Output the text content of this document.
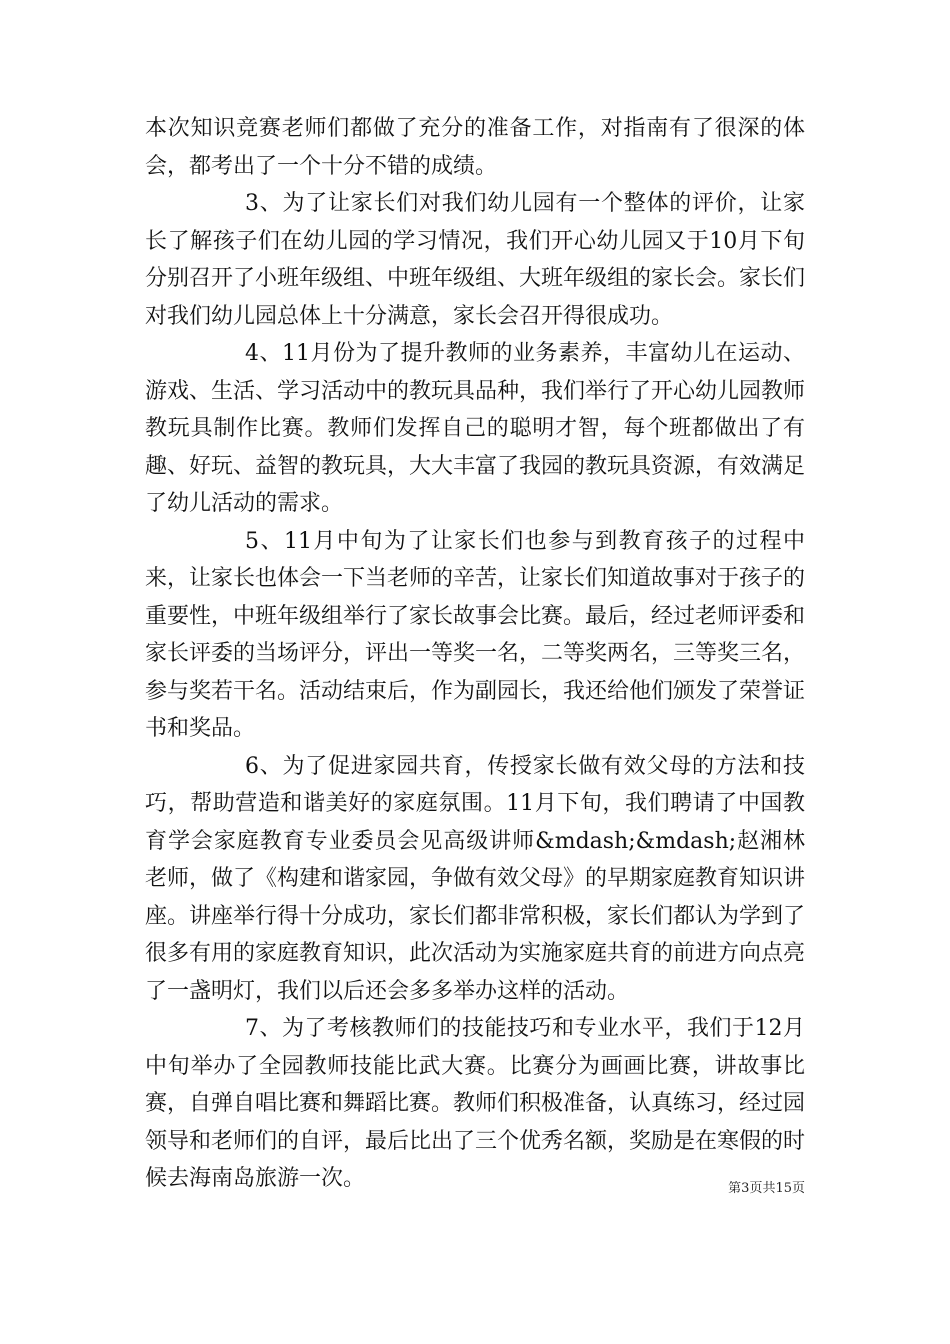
本次知识竞赛老师们都做了充分的准备工作，对指南有了很深的体会，都考出了一个十分不错的成绩。

3、为了让家长们对我们幼儿园有一个整体的评价，让家长了解孩子们在幼儿园的学习情况，我们开心幼儿园又于10月下旬分别召开了小班年级组、中班年级组、大班年级组的家长会。家长们对我们幼儿园总体上十分满意，家长会召开得很成功。

4、11月份为了提升教师的业务素养，丰富幼儿在运动、游戏、生活、学习活动中的教玩具品种，我们举行了开心幼儿园教师教玩具制作比赛。教师们发挥自己的聪明才智，每个班都做出了有趣、好玩、益智的教玩具，大大丰富了我园的教玩具资源，有效满足了幼儿活动的需求。

5、11月中旬为了让家长们也参与到教育孩子的过程中来，让家长也体会一下当老师的辛苦，让家长们知道故事对于孩子的重要性，中班年级组举行了家长故事会比赛。最后，经过老师评委和家长评委的当场评分，评出一等奖一名，二等奖两名，三等奖三名，参与奖若干名。活动结束后，作为副园长，我还给他们颁发了荣誉证书和奖品。

6、为了促进家园共育，传授家长做有效父母的方法和技巧，帮助营造和谐美好的家庭氛围。11月下旬，我们聘请了中国教育学会家庭教育专业委员会见高级讲师&mdash;&mdash;赵湘林老师，做了《构建和谐家园，争做有效父母》的早期家庭教育知识讲座。讲座举行得十分成功，家长们都非常积极，家长们都认为学到了很多有用的家庭教育知识，此次活动为实施家庭共育的前进方向点亮了一盏明灯，我们以后还会多多举办这样的活动。

7、为了考核教师们的技能技巧和专业水平，我们于12月中旬举办了全园教师技能比武大赛。比赛分为画画比赛，讲故事比赛，自弹自唱比赛和舞蹈比赛。教师们积极准备，认真练习，经过园领导和老师们的自评，最后比出了三个优秀名额，奖励是在寒假的时候去海南岛旅游一次。	第3页共15页
